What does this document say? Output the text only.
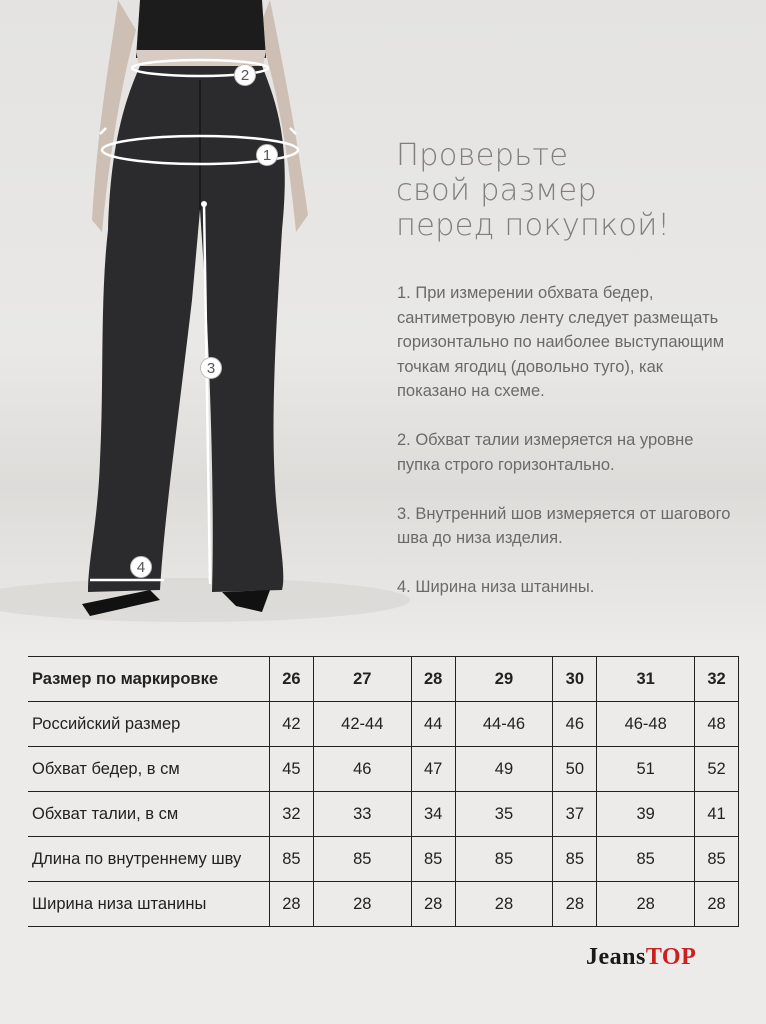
1
2
3
4
Проверьте
свой размер
перед покупкой!

1. При измерении обхвата бедер, сантиметровую ленту следует размещать горизонтально по наиболее выступающим точкам ягодиц (довольно туго), как показано на схеме.

2. Обхват талии измеряется на уровне пупка строго горизонтально.

3. Внутренний шов измеряется от шагового шва до низа изделия.

4. Ширина низа штанины.

Размер по маркировке	26	27	28	29	30	31	32
Российский размер	42	42-44	44	44-46	46	46-48	48
Обхват бедер, в см	45	46	47	49	50	51	52
Обхват талии, в см	32	33	34	35	37	39	41
Длина по внутреннему шву	85	85	85	85	85	85	85
Ширина низа штанины	28	28	28	28	28	28	28
JeansTOP
